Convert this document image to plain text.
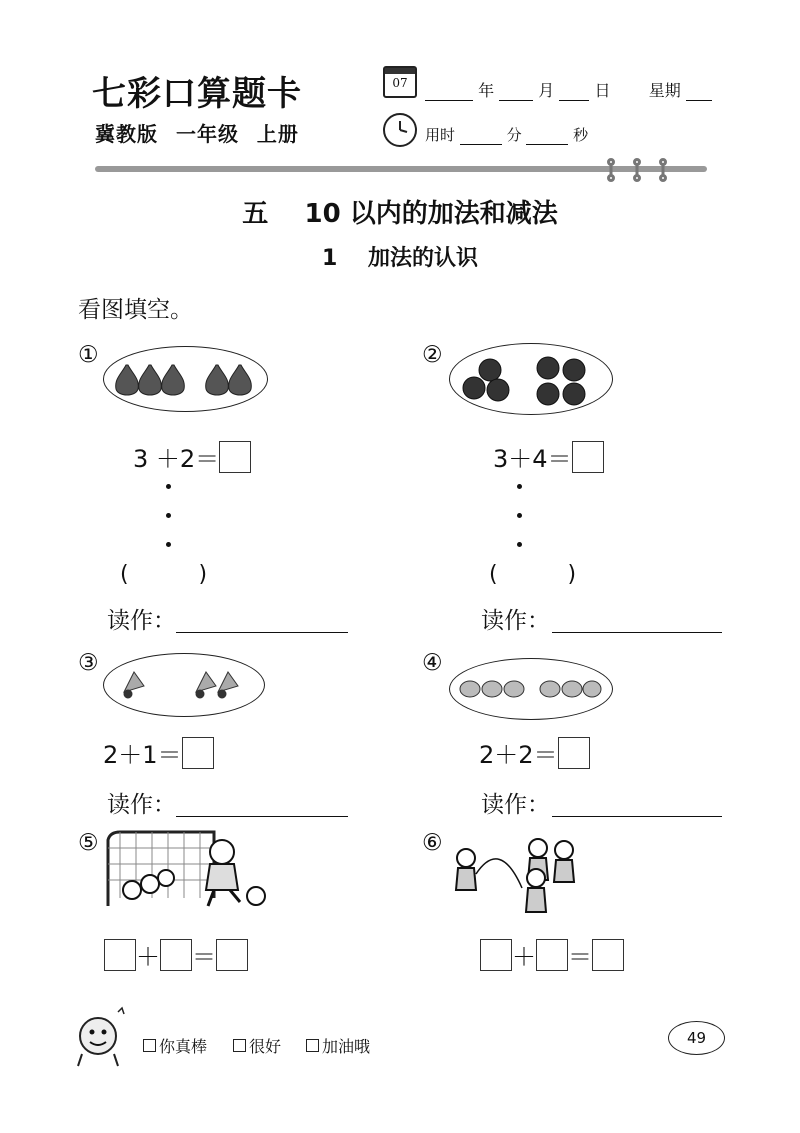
七彩口算题卡
冀教版 一年级 上册
07	年	月	日 星期
用时	分	秒
五    10 以内的加法和减法
1    加法的认识
看图填空。
①
3 ＋2＝
(          )
读作：
②
3＋4＝
(          )
读作：
③
2＋1＝
读作：
④
2＋2＝
读作：
⑤
＋ ＝
⑥
＋ ＝
你真棒	很好	加油哦	49
